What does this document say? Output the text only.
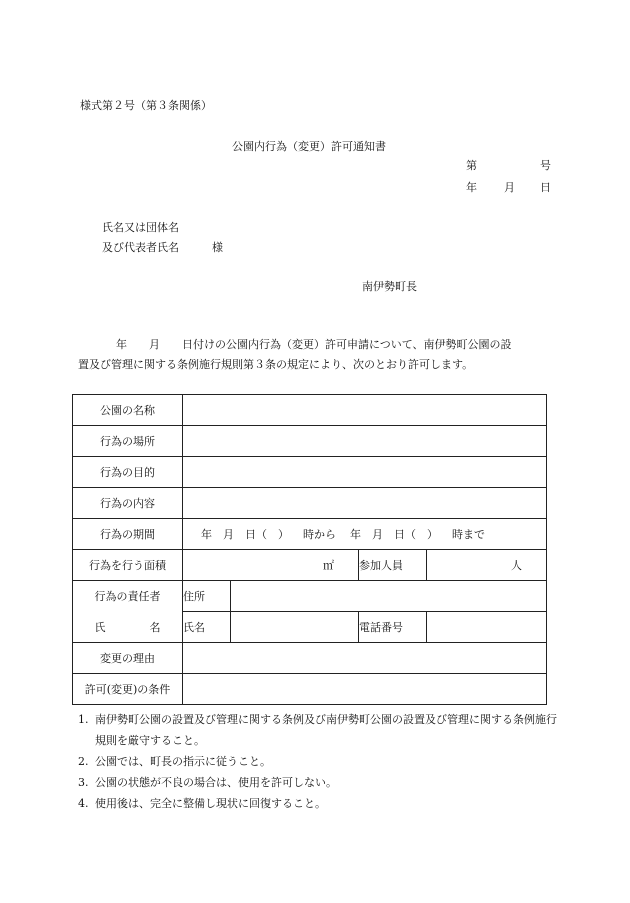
様式第２号（第３条関係）
公園内行為（変更）許可通知書
第	号
年 月 日
氏名又は団体名
及び代表者氏名	様
南伊勢町長
年　　月　　日付けの公園内行為（変更）許可申請について、南伊勢町公園の設
置及び管理に関する条例施行規則第３条の規定により、次のとおり許可します。
公園の名称				
行為の場所				
行為の目的				
行為の内容				
行為の期間	年　月　日（　） 時から 年　月　日（　） 時まで			
行為を行う面積	㎡		参加人員	人
行為の責任者	住所			
氏　　　　名	氏名		電話番号	
変更の理由				
許可(変更)の条件				
1. 南伊勢町公園の設置及び管理に関する条例及び南伊勢町公園の設置及び管理に関する条例施行規則を厳守すること。
2. 公園では、町長の指示に従うこと。
3. 公園の状態が不良の場合は、使用を許可しない。
4. 使用後は、完全に整備し現状に回復すること。
